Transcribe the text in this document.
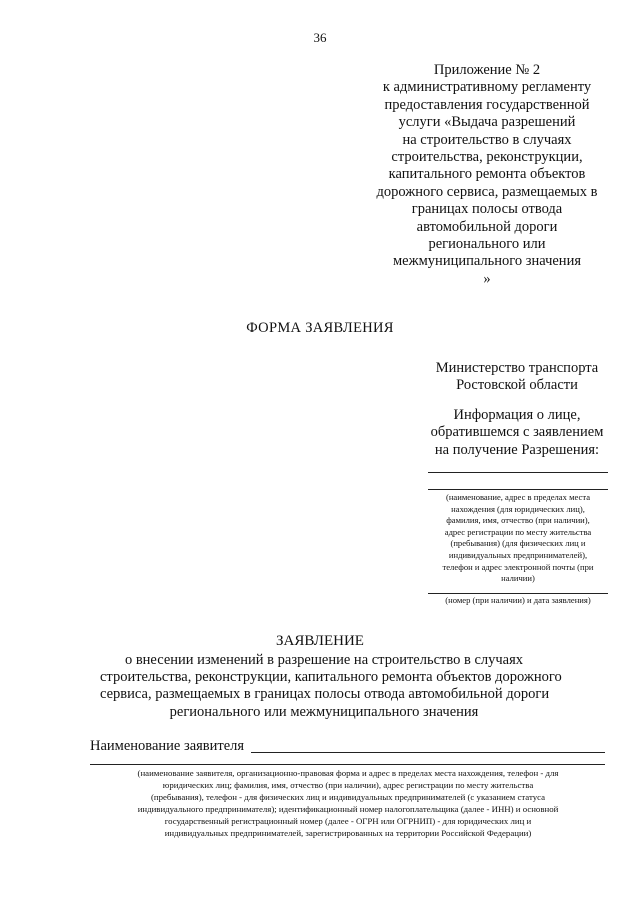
36
Приложение № 2
к административному регламенту
предоставления государственной
услуги «Выдача разрешений
на строительство в случаях
строительства, реконструкции,
капитального ремонта объектов
дорожного сервиса, размещаемых в
границах полосы отвода
автомобильной дороги
регионального или
межмуниципального значения
»
ФОРМА ЗАЯВЛЕНИЯ
Министерство транспорта
Ростовской области
Информация о лице,
обратившемся с заявлением
на получение Разрешения:
(наименование, адрес в пределах места
нахождения (для юридических лиц),
фамилия, имя, отчество (при наличии),
адрес регистрации по месту жительства
(пребывания) (для физических лиц и
индивидуальных предпринимателей),
телефон и адрес электронной почты (при
наличии)
(номер (при наличии) и дата заявления)
ЗАЯВЛЕНИЕ
о внесении изменений в разрешение на строительство в случаях
строительства, реконструкции, капитального ремонта объектов дорожного
сервиса, размещаемых в границах полосы отвода автомобильной дороги
регионального или межмуниципального значения
Наименование заявителя
(наименование заявителя, организационно-правовая форма и адрес в пределах места нахождения, телефон - для
юридических лиц; фамилия, имя, отчество (при наличии), адрес регистрации по месту жительства
(пребывания), телефон - для физических лиц и индивидуальных предпринимателей (с указанием статуса
индивидуального предпринимателя); идентификационный номер налогоплательщика (далее - ИНН) и основной
государственный регистрационный номер (далее - ОГРН или ОГРНИП) - для юридических лиц и
индивидуальных предпринимателей, зарегистрированных на территории Российской Федерации)
